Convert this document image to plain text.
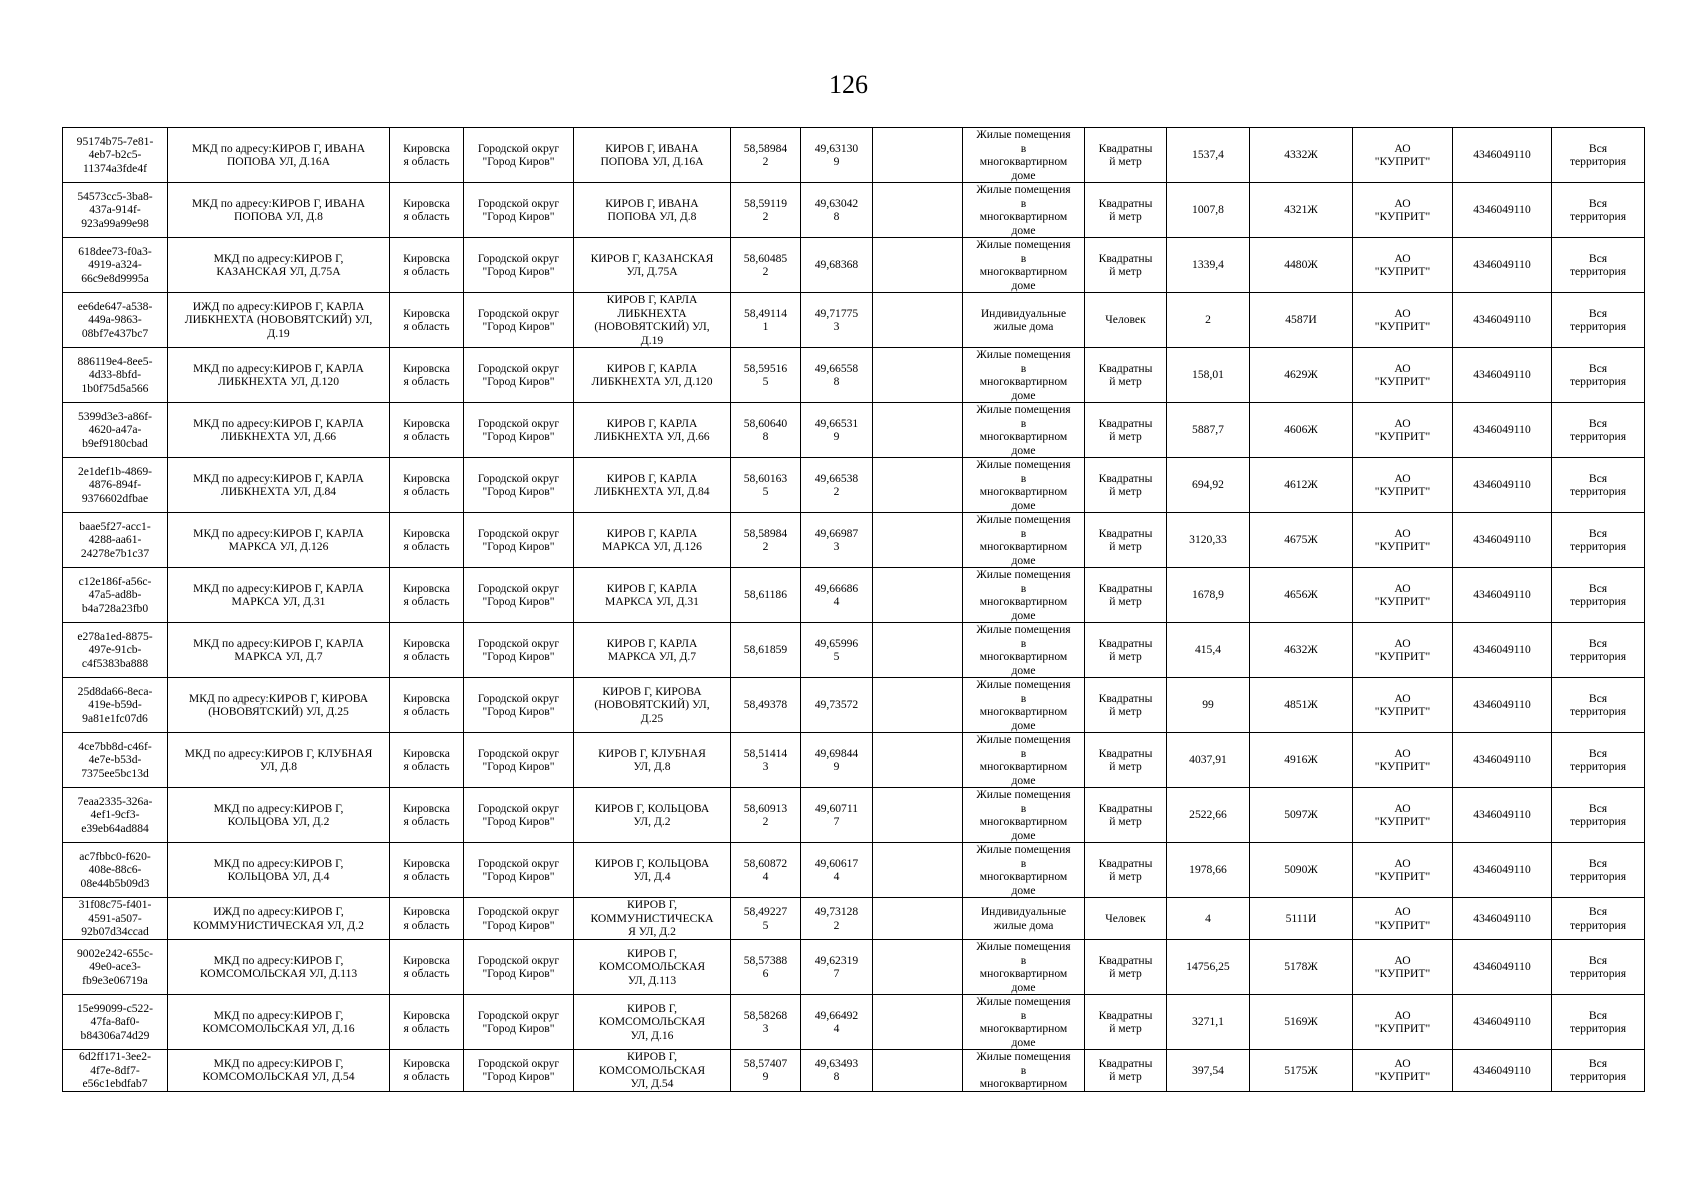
126
95174b75-7e81-
4eb7-b2c5-
11374a3fde4f	МКД по адресу:КИРОВ Г, ИВАНА
ПОПОВА УЛ, Д.16А	Кировска
я область	Городской округ
"Город Киров"	КИРОВ Г, ИВАНА
ПОПОВА УЛ, Д.16А	58,58984
2	49,63130
9		Жилые помещения
в
многоквартирном
доме	Квадратны
й метр	1537,4	4332Ж	АО
"КУПРИТ"	4346049110	Вся
территория

54573cc5-3ba8-
437a-914f-
923a99a99e98	МКД по адресу:КИРОВ Г, ИВАНА
ПОПОВА УЛ, Д.8	Кировска
я область	Городской округ
"Город Киров"	КИРОВ Г, ИВАНА
ПОПОВА УЛ, Д.8	58,59119
2	49,63042
8		Жилые помещения
в
многоквартирном
доме	Квадратны
й метр	1007,8	4321Ж	АО
"КУПРИТ"	4346049110	Вся
территория

618dee73-f0a3-
4919-a324-
66c9e8d9995a	МКД по адресу:КИРОВ Г,
КАЗАНСКАЯ УЛ, Д.75А	Кировска
я область	Городской округ
"Город Киров"	КИРОВ Г, КАЗАНСКАЯ
УЛ, Д.75А	58,60485
2	49,68368		Жилые помещения
в
многоквартирном
доме	Квадратны
й метр	1339,4	4480Ж	АО
"КУПРИТ"	4346049110	Вся
территория

ee6de647-a538-
449a-9863-
08bf7e437bc7	ИЖД по адресу:КИРОВ Г, КАРЛА
ЛИБКНЕХТА (НОВОВЯТСКИЙ) УЛ,
Д.19	Кировска
я область	Городской округ
"Город Киров"	КИРОВ Г, КАРЛА
ЛИБКНЕХТА
(НОВОВЯТСКИЙ) УЛ,
Д.19	58,49114
1	49,71775
3		Индивидуальные
жилые дома	Человек	2	4587И	АО
"КУПРИТ"	4346049110	Вся
территория

886119e4-8ee5-
4d33-8bfd-
1b0f75d5a566	МКД по адресу:КИРОВ Г, КАРЛА
ЛИБКНЕХТА УЛ, Д.120	Кировска
я область	Городской округ
"Город Киров"	КИРОВ Г, КАРЛА
ЛИБКНЕХТА УЛ, Д.120	58,59516
5	49,66558
8		Жилые помещения
в
многоквартирном
доме	Квадратны
й метр	158,01	4629Ж	АО
"КУПРИТ"	4346049110	Вся
территория

5399d3e3-a86f-
4620-a47a-
b9ef9180cbad	МКД по адресу:КИРОВ Г, КАРЛА
ЛИБКНЕХТА УЛ, Д.66	Кировска
я область	Городской округ
"Город Киров"	КИРОВ Г, КАРЛА
ЛИБКНЕХТА УЛ, Д.66	58,60640
8	49,66531
9		Жилые помещения
в
многоквартирном
доме	Квадратны
й метр	5887,7	4606Ж	АО
"КУПРИТ"	4346049110	Вся
территория

2e1def1b-4869-
4876-894f-
9376602dfbae	МКД по адресу:КИРОВ Г, КАРЛА
ЛИБКНЕХТА УЛ, Д.84	Кировска
я область	Городской округ
"Город Киров"	КИРОВ Г, КАРЛА
ЛИБКНЕХТА УЛ, Д.84	58,60163
5	49,66538
2		Жилые помещения
в
многоквартирном
доме	Квадратны
й метр	694,92	4612Ж	АО
"КУПРИТ"	4346049110	Вся
территория

baae5f27-acc1-
4288-aa61-
24278e7b1c37	МКД по адресу:КИРОВ Г, КАРЛА
МАРКСА УЛ, Д.126	Кировска
я область	Городской округ
"Город Киров"	КИРОВ Г, КАРЛА
МАРКСА УЛ, Д.126	58,58984
2	49,66987
3		Жилые помещения
в
многоквартирном
доме	Квадратны
й метр	3120,33	4675Ж	АО
"КУПРИТ"	4346049110	Вся
территория

c12e186f-a56c-
47a5-ad8b-
b4a728a23fb0	МКД по адресу:КИРОВ Г, КАРЛА
МАРКСА УЛ, Д.31	Кировска
я область	Городской округ
"Город Киров"	КИРОВ Г, КАРЛА
МАРКСА УЛ, Д.31	58,61186	49,66686
4		Жилые помещения
в
многоквартирном
доме	Квадратны
й метр	1678,9	4656Ж	АО
"КУПРИТ"	4346049110	Вся
территория

e278a1ed-8875-
497e-91cb-
c4f5383ba888	МКД по адресу:КИРОВ Г, КАРЛА
МАРКСА УЛ, Д.7	Кировска
я область	Городской округ
"Город Киров"	КИРОВ Г, КАРЛА
МАРКСА УЛ, Д.7	58,61859	49,65996
5		Жилые помещения
в
многоквартирном
доме	Квадратны
й метр	415,4	4632Ж	АО
"КУПРИТ"	4346049110	Вся
территория

25d8da66-8eca-
419e-b59d-
9a81e1fc07d6	МКД по адресу:КИРОВ Г, КИРОВА
(НОВОВЯТСКИЙ) УЛ, Д.25	Кировска
я область	Городской округ
"Город Киров"	КИРОВ Г, КИРОВА
(НОВОВЯТСКИЙ) УЛ,
Д.25	58,49378	49,73572		Жилые помещения
в
многоквартирном
доме	Квадратны
й метр	99	4851Ж	АО
"КУПРИТ"	4346049110	Вся
территория

4ce7bb8d-c46f-
4e7e-b53d-
7375ee5bc13d	МКД по адресу:КИРОВ Г, КЛУБНАЯ
УЛ, Д.8	Кировска
я область	Городской округ
"Город Киров"	КИРОВ Г, КЛУБНАЯ
УЛ, Д.8	58,51414
3	49,69844
9		Жилые помещения
в
многоквартирном
доме	Квадратны
й метр	4037,91	4916Ж	АО
"КУПРИТ"	4346049110	Вся
территория

7eaa2335-326a-
4ef1-9cf3-
e39eb64ad884	МКД по адресу:КИРОВ Г,
КОЛЬЦОВА УЛ, Д.2	Кировска
я область	Городской округ
"Город Киров"	КИРОВ Г, КОЛЬЦОВА
УЛ, Д.2	58,60913
2	49,60711
7		Жилые помещения
в
многоквартирном
доме	Квадратны
й метр	2522,66	5097Ж	АО
"КУПРИТ"	4346049110	Вся
территория

ac7fbbc0-f620-
408e-88c6-
08e44b5b09d3	МКД по адресу:КИРОВ Г,
КОЛЬЦОВА УЛ, Д.4	Кировска
я область	Городской округ
"Город Киров"	КИРОВ Г, КОЛЬЦОВА
УЛ, Д.4	58,60872
4	49,60617
4		Жилые помещения
в
многоквартирном
доме	Квадратны
й метр	1978,66	5090Ж	АО
"КУПРИТ"	4346049110	Вся
территория

31f08c75-f401-
4591-a507-
92b07d34ccad	ИЖД по адресу:КИРОВ Г,
КОММУНИСТИЧЕСКАЯ УЛ, Д.2	Кировска
я область	Городской округ
"Город Киров"	КИРОВ Г,
КОММУНИСТИЧЕСКА
Я УЛ, Д.2	58,49227
5	49,73128
2		Индивидуальные
жилые дома	Человек	4	5111И	АО
"КУПРИТ"	4346049110	Вся
территория

9002e242-655c-
49e0-ace3-
fb9e3e06719a	МКД по адресу:КИРОВ Г,
КОМСОМОЛЬСКАЯ УЛ, Д.113	Кировска
я область	Городской округ
"Город Киров"	КИРОВ Г,
КОМСОМОЛЬСКАЯ
УЛ, Д.113	58,57388
6	49,62319
7		Жилые помещения
в
многоквартирном
доме	Квадратны
й метр	14756,25	5178Ж	АО
"КУПРИТ"	4346049110	Вся
территория

15e99099-c522-
47fa-8af0-
b84306a74d29	МКД по адресу:КИРОВ Г,
КОМСОМОЛЬСКАЯ УЛ, Д.16	Кировска
я область	Городской округ
"Город Киров"	КИРОВ Г,
КОМСОМОЛЬСКАЯ
УЛ, Д.16	58,58268
3	49,66492
4		Жилые помещения
в
многоквартирном
доме	Квадратны
й метр	3271,1	5169Ж	АО
"КУПРИТ"	4346049110	Вся
территория

6d2ff171-3ee2-
4f7e-8df7-
e56c1ebdfab7	МКД по адресу:КИРОВ Г,
КОМСОМОЛЬСКАЯ УЛ, Д.54	Кировска
я область	Городской округ
"Город Киров"	КИРОВ Г,
КОМСОМОЛЬСКАЯ
УЛ, Д.54	58,57407
9	49,63493
8		Жилые помещения
в
многоквартирном	Квадратны
й метр	397,54	5175Ж	АО
"КУПРИТ"	4346049110	Вся
территория
